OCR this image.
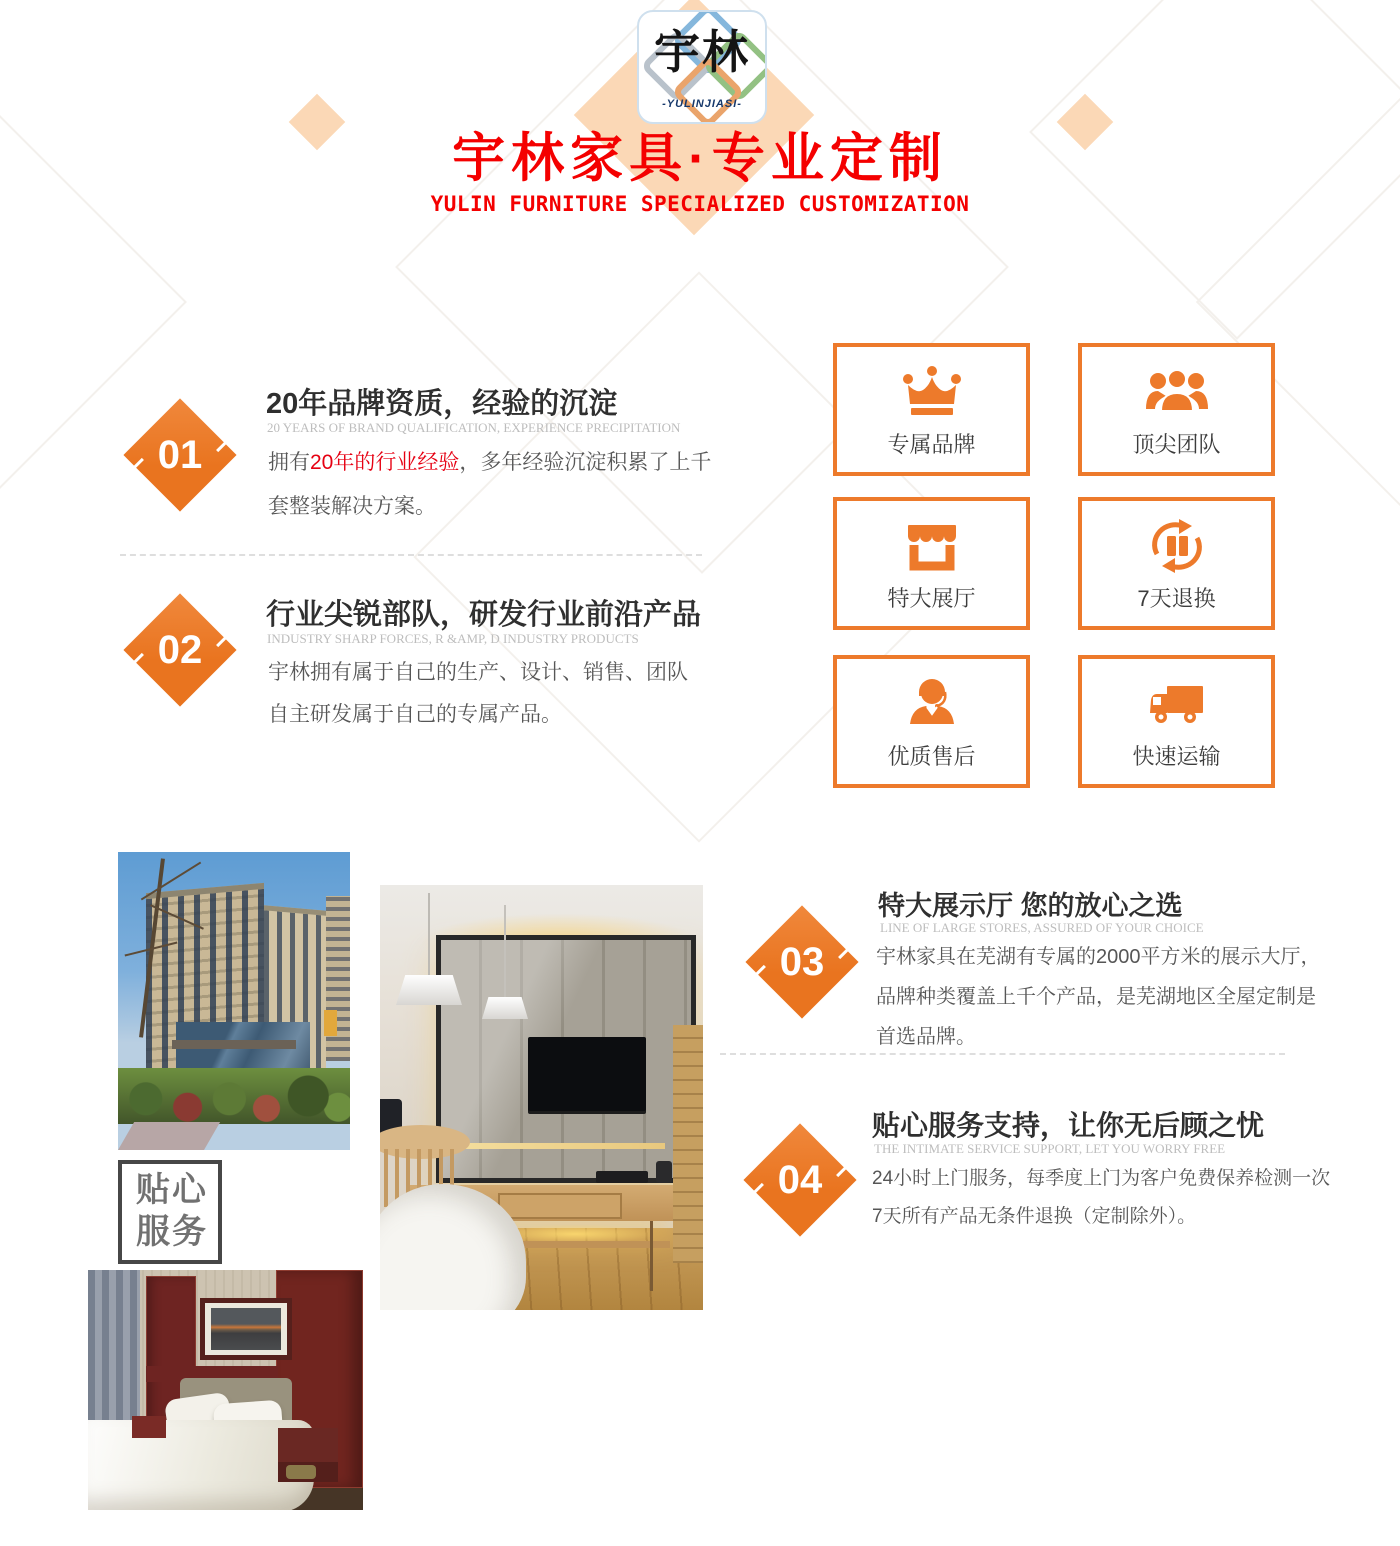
宇林
-YULINJIASI-
宇林家具·专业定制
YULIN FURNITURE SPECIALIZED CUSTOMIZATION
01
20年品牌资质，经验的沉淀
20 YEARS OF BRAND QUALIFICATION, EXPERIENCE PRECIPITATION
拥有20年的行业经验，多年经验沉淀积累了上千
套整装解决方案。
02
行业尖锐部队，研发行业前沿产品
INDUSTRY SHARP FORCES, R &AMP, D INDUSTRY PRODUCTS
宇林拥有属于自己的生产、设计、销售、团队
自主研发属于自己的专属产品。
专属品牌	顶尖团队
特大展厅	7天退换
优质售后	快速运输
贴心
服务
03
特大展示厅 您的放心之选
LINE OF LARGE STORES, ASSURED OF YOUR CHOICE
宇林家具在芜湖有专属的2000平方米的展示大厅，
品牌种类覆盖上千个产品，是芜湖地区全屋定制是
首选品牌。
04
贴心服务支持，让你无后顾之忧
THE INTIMATE SERVICE SUPPORT, LET YOU WORRY FREE
24小时上门服务，每季度上门为客户免费保养检测一次
7天所有产品无条件退换（定制除外）。
